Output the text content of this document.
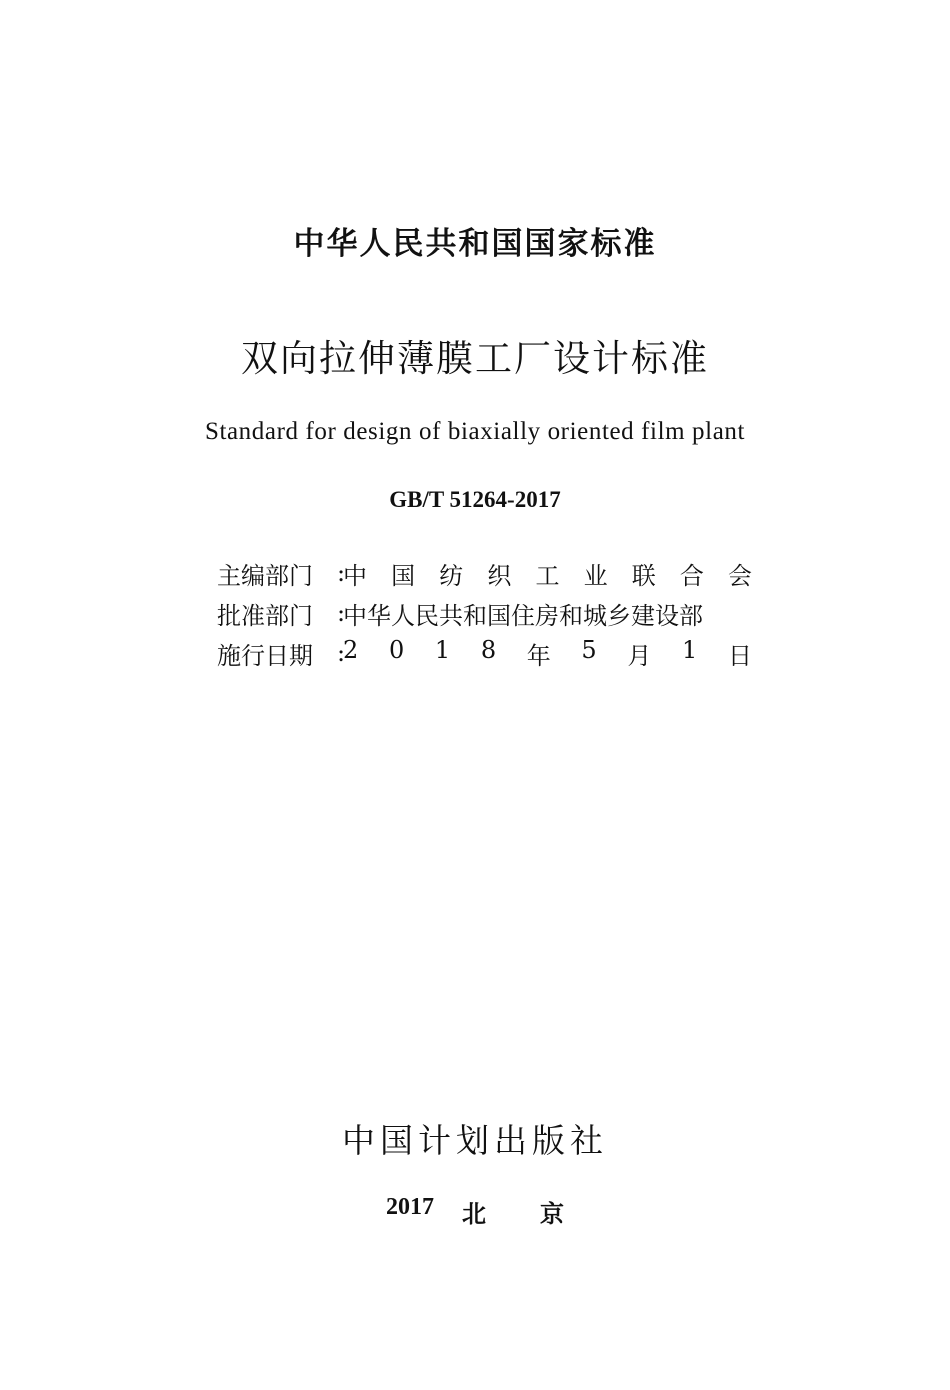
中华人民共和国国家标准
双向拉伸薄膜工厂设计标准
Standard for design of biaxially oriented film plant
GB/T 51264-2017
主编部门	:
中 国 纺 织 工 业 联 合 会
批准部门	:
中华人民共和国住房和城乡建设部
施行日期	:
2 0 1 8 年 5 月 1 日
中国计划出版社
2017 北 京
